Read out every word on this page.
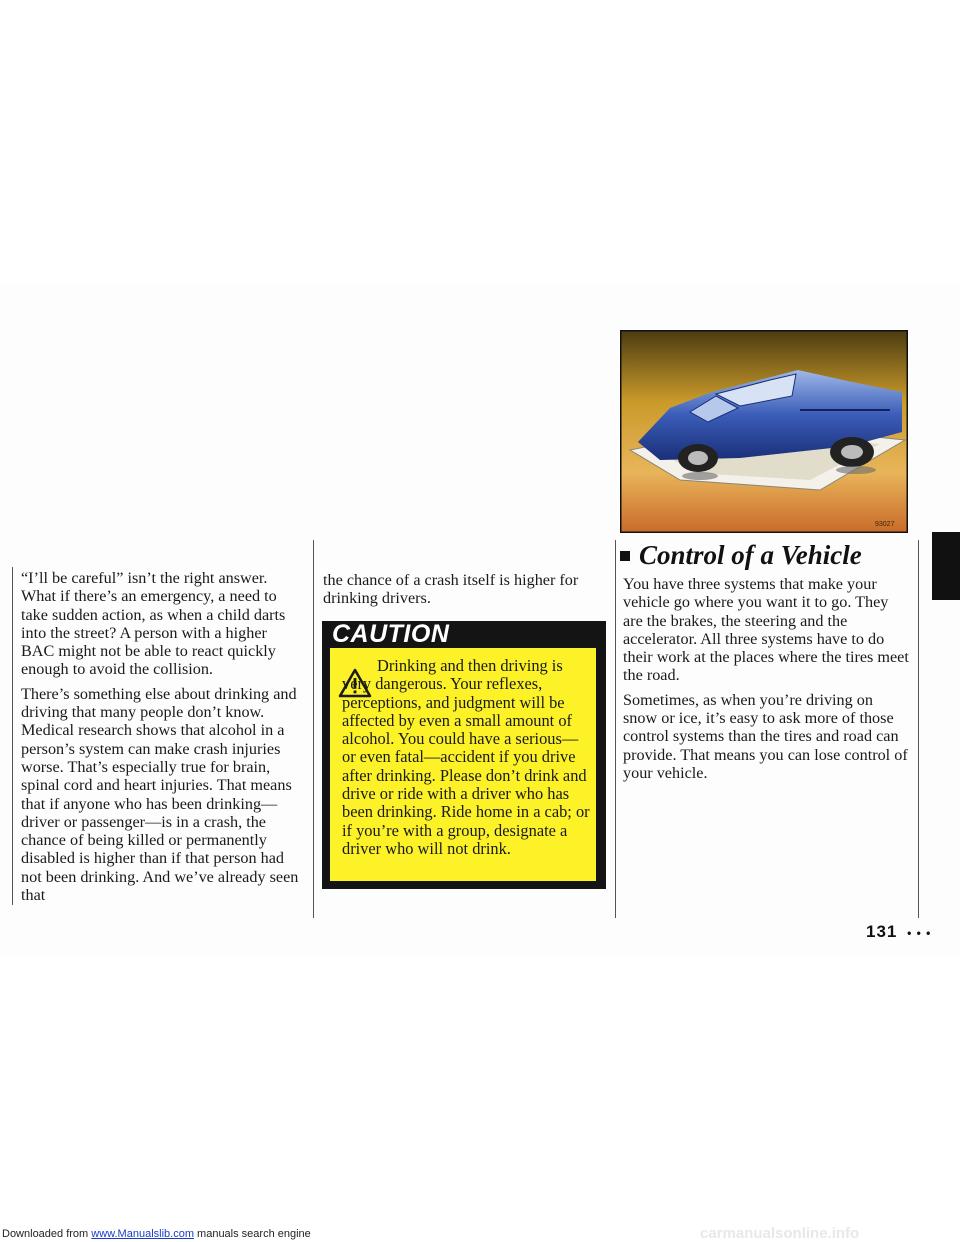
“I’ll be careful” isn’t the right answer. What if there’s an emergency, a need to take sudden action, as when a child darts into the street? A person with a higher BAC might not be able to react quickly enough to avoid the collision.

There’s something else about drinking and driving that many people don’t know. Medical research shows that alcohol in a person’s system can make crash injuries worse. That’s especially true for brain, spinal cord and heart injuries. That means that if anyone who has been drinking—driver or passenger—is in a crash, the chance of being killed or permanently disabled is higher than if that person had not been drinking. And we’ve already seen that

the chance of a crash itself is higher for drinking drivers.

CAUTION
Drinking and then driving is very dangerous. Your reflexes, perceptions, and judgment will be affected by even a small amount of alcohol. You could have a serious—or even fatal—accident if you drive after drinking. Please don’t drink and drive or ride with a driver who has been drinking. Ride home in a cab; or if you’re with a group, designate a driver who will not drink.
93027
Control of a Vehicle

You have three systems that make your vehicle go where you want it to go. They are the brakes, the steering and the accelerator. All three systems have to do their work at the places where the tires meet the road.

Sometimes, as when you’re driving on snow or ice, it’s easy to ask more of those control systems than the tires and road can provide. That means you can lose control of your vehicle.

131 • • •
Downloaded from www.Manualslib.com manuals search engine	carmanualsonline.info
